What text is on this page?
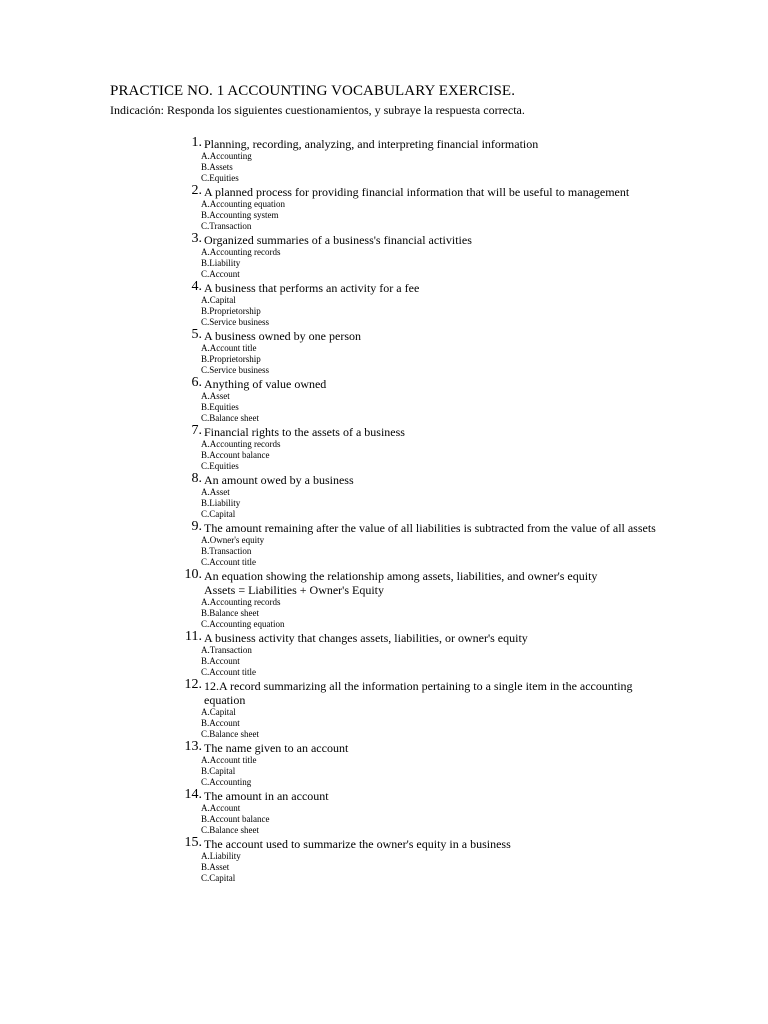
PRACTICE NO. 1 ACCOUNTING VOCABULARY EXERCISE.
Indicación: Responda los siguientes cuestionamientos, y subraye la respuesta correcta.
1. Planning, recording, analyzing, and interpreting financial information
A.Accounting
B.Assets
C.Equities
2. A planned process for providing financial information that will be useful to management
A.Accounting equation
B.Accounting system
C.Transaction
3. Organized summaries of a business's financial activities
A.Accounting records
B.Liability
C.Account
4. A business that performs an activity for a fee
A.Capital
B.Proprietorship
C.Service business
5. A business owned by one person
A.Account title
B.Proprietorship
C.Service business
6. Anything of value owned
A.Asset
B.Equities
C.Balance sheet
7. Financial rights to the assets of a business
A.Accounting records
B.Account balance
C.Equities
8. An amount owed by a business
A.Asset
B.Liability
C.Capital
9. The amount remaining after the value of all liabilities is subtracted from the value of all assets
A.Owner's equity
B.Transaction
C.Account title
10. An equation showing the relationship among assets, liabilities, and owner's equity
Assets = Liabilities + Owner's Equity
A.Accounting records
B.Balance sheet
C.Accounting equation
11. A business activity that changes assets, liabilities, or owner's equity
A.Transaction
B.Account
C.Account title
12. 12.A record summarizing all the information pertaining to a single item in the accounting equation
A.Capital
B.Account
C.Balance sheet
13. The name given to an account
A.Account title
B.Capital
C.Accounting
14. The amount in an account
A.Account
B.Account balance
C.Balance sheet
15. The account used to summarize the owner's equity in a business
A.Liability
B.Asset
C.Capital
